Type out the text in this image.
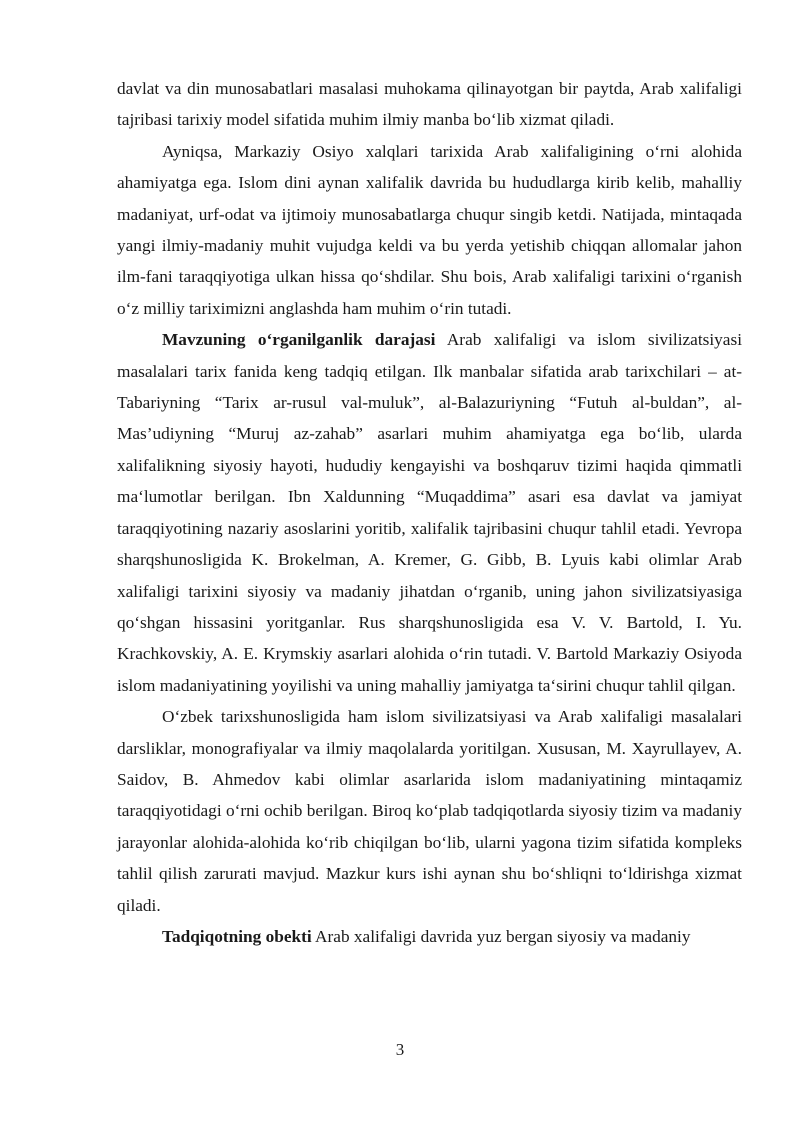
davlat va din munosabatlari masalasi muhokama qilinayotgan bir paytda, Arab xalifaligi tajribasi tarixiy model sifatida muhim ilmiy manba bo‘lib xizmat qiladi.

Ayniqsa, Markaziy Osiyo xalqlari tarixida Arab xalifaligining o‘rni alohida ahamiyatga ega. Islom dini aynan xalifalik davrida bu hududlarga kirib kelib, mahalliy madaniyat, urf-odat va ijtimoiy munosabatlarga chuqur singib ketdi. Natijada, mintaqada yangi ilmiy-madaniy muhit vujudga keldi va bu yerda yetishib chiqqan allomalar jahon ilm-fani taraqqiyotiga ulkan hissa qo‘shdilar. Shu bois, Arab xalifaligi tarixini o‘rganish o‘z milliy tariximizni anglashda ham muhim o‘rin tutadi.

Mavzuning o‘rganilganlik darajasi Arab xalifaligi va islom sivilizatsiyasi masalalari tarix fanida keng tadqiq etilgan. Ilk manbalar sifatida arab tarixchilari – at-Tabariyning “Tarix ar-rusul val-muluk”, al-Balazuriyning “Futuh al-buldan”, al-Mas’udiyning “Muruj az-zahab” asarlari muhim ahamiyatga ega bo‘lib, ularda xalifalikning siyosiy hayoti, hududiy kengayishi va boshqaruv tizimi haqida qimmatli ma‘lumotlar berilgan. Ibn Xaldunning “Muqaddima” asari esa davlat va jamiyat taraqqiyotining nazariy asoslarini yoritib, xalifalik tajribasini chuqur tahlil etadi. Yevropa sharqshunosligida K. Brokelman, A. Kremer, G. Gibb, B. Lyuis kabi olimlar Arab xalifaligi tarixini siyosiy va madaniy jihatdan o‘rganib, uning jahon sivilizatsiyasiga qo‘shgan hissasini yoritganlar. Rus sharqshunosligida esa V. V. Bartold, I. Yu. Krachkovskiy, A. E. Krymskiy asarlari alohida o‘rin tutadi. V. Bartold Markaziy Osiyoda islom madaniyatining yoyilishi va uning mahalliy jamiyatga ta‘sirini chuqur tahlil qilgan.

O‘zbek tarixshunosligida ham islom sivilizatsiyasi va Arab xalifaligi masalalari darsliklar, monografiyalar va ilmiy maqolalarda yoritilgan. Xususan, M. Xayrullayev, A. Saidov, B. Ahmedov kabi olimlar asarlarida islom madaniyatining mintaqamiz taraqqiyotidagi o‘rni ochib berilgan. Biroq ko‘plab tadqiqotlarda siyosiy tizim va madaniy jarayonlar alohida-alohida ko‘rib chiqilgan bo‘lib, ularni yagona tizim sifatida kompleks tahlil qilish zarurati mavjud. Mazkur kurs ishi aynan shu bo‘shliqni to‘ldirishga xizmat qiladi.

Tadqiqotning obekti Arab xalifaligi davrida yuz bergan siyosiy va madaniy

3
